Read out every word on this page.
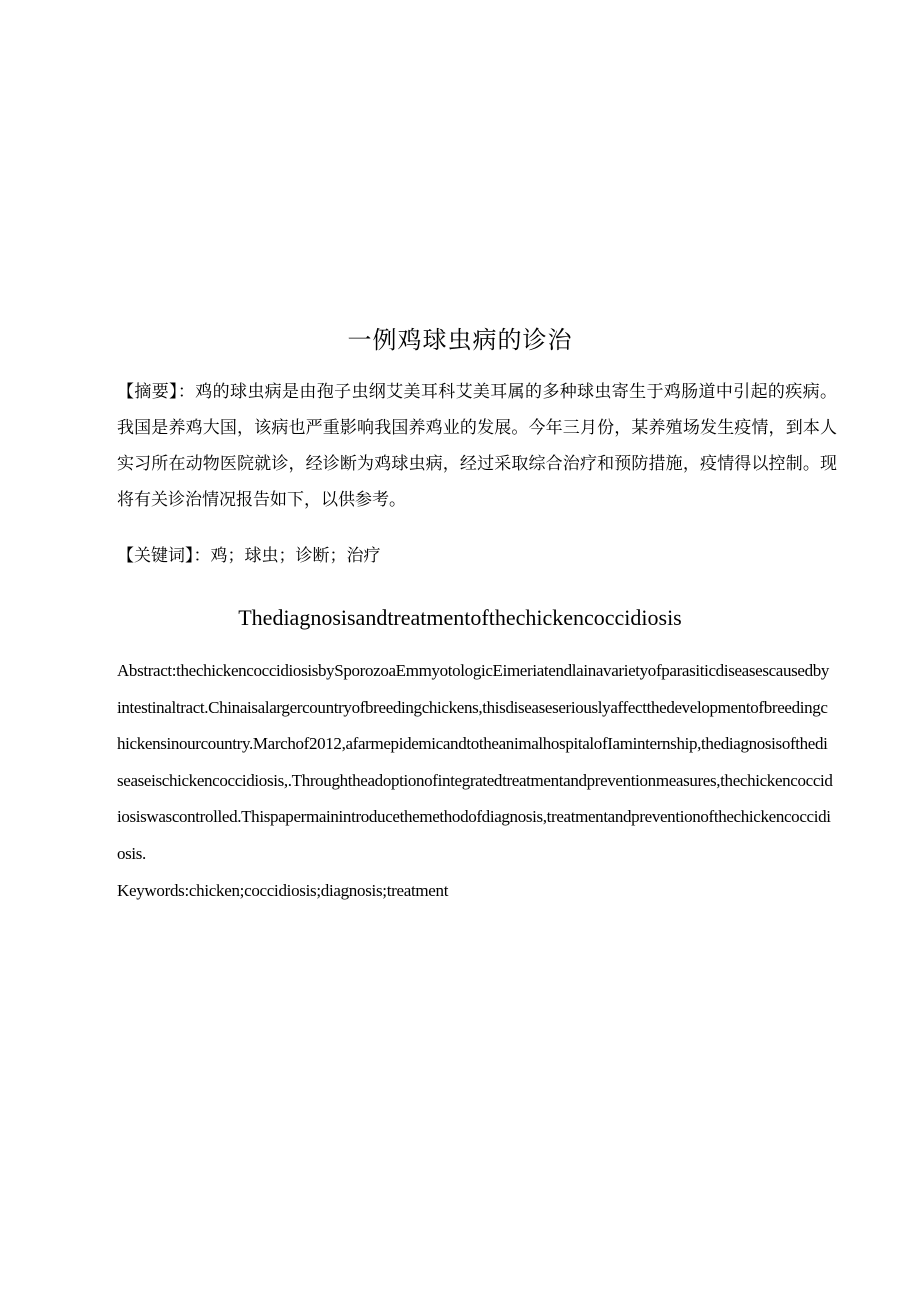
一例鸡球虫病的诊治
【摘要】：鸡的球虫病是由孢子虫纲艾美耳科艾美耳属的多种球虫寄生于鸡肠道中引起的疾病。我国是养鸡大国，该病也严重影响我国养鸡业的发展。今年三月份，某养殖场发生疫情，到本人实习所在动物医院就诊，经诊断为鸡球虫病，经过采取综合治疗和预防措施，疫情得以控制。现将有关诊治情况报告如下，以供参考。
【关键词】：鸡；球虫；诊断；治疗
Thediagnosisandtreatmentofthechickencoccidiosis
Abstract:thechickencoccidiosisbySporozoaEmmyotologicEimeriatendlainavarietyofparasiticdiseasescausedbyintestinaltract.Chinaisalargercountryofbreedingchickens,thisdiseaseseriouslyaffectthedevelopmentofbreedingchickensinourcountry.Marchof2012,afarmepidemicandtotheanimalhospitalofIaminternship,thediagnosisofthediseaseischickencoccidiosis,.Throughtheadoptionofintegratedtreatmentandpreventionmeasures,thechickencoccidiosiswascontrolled.Thispapermainintroducethemethodofdiagnosis,treatmentandpreventionofthechickencoccidiosis.
Keywords:chicken;coccidiosis;diagnosis;treatment
